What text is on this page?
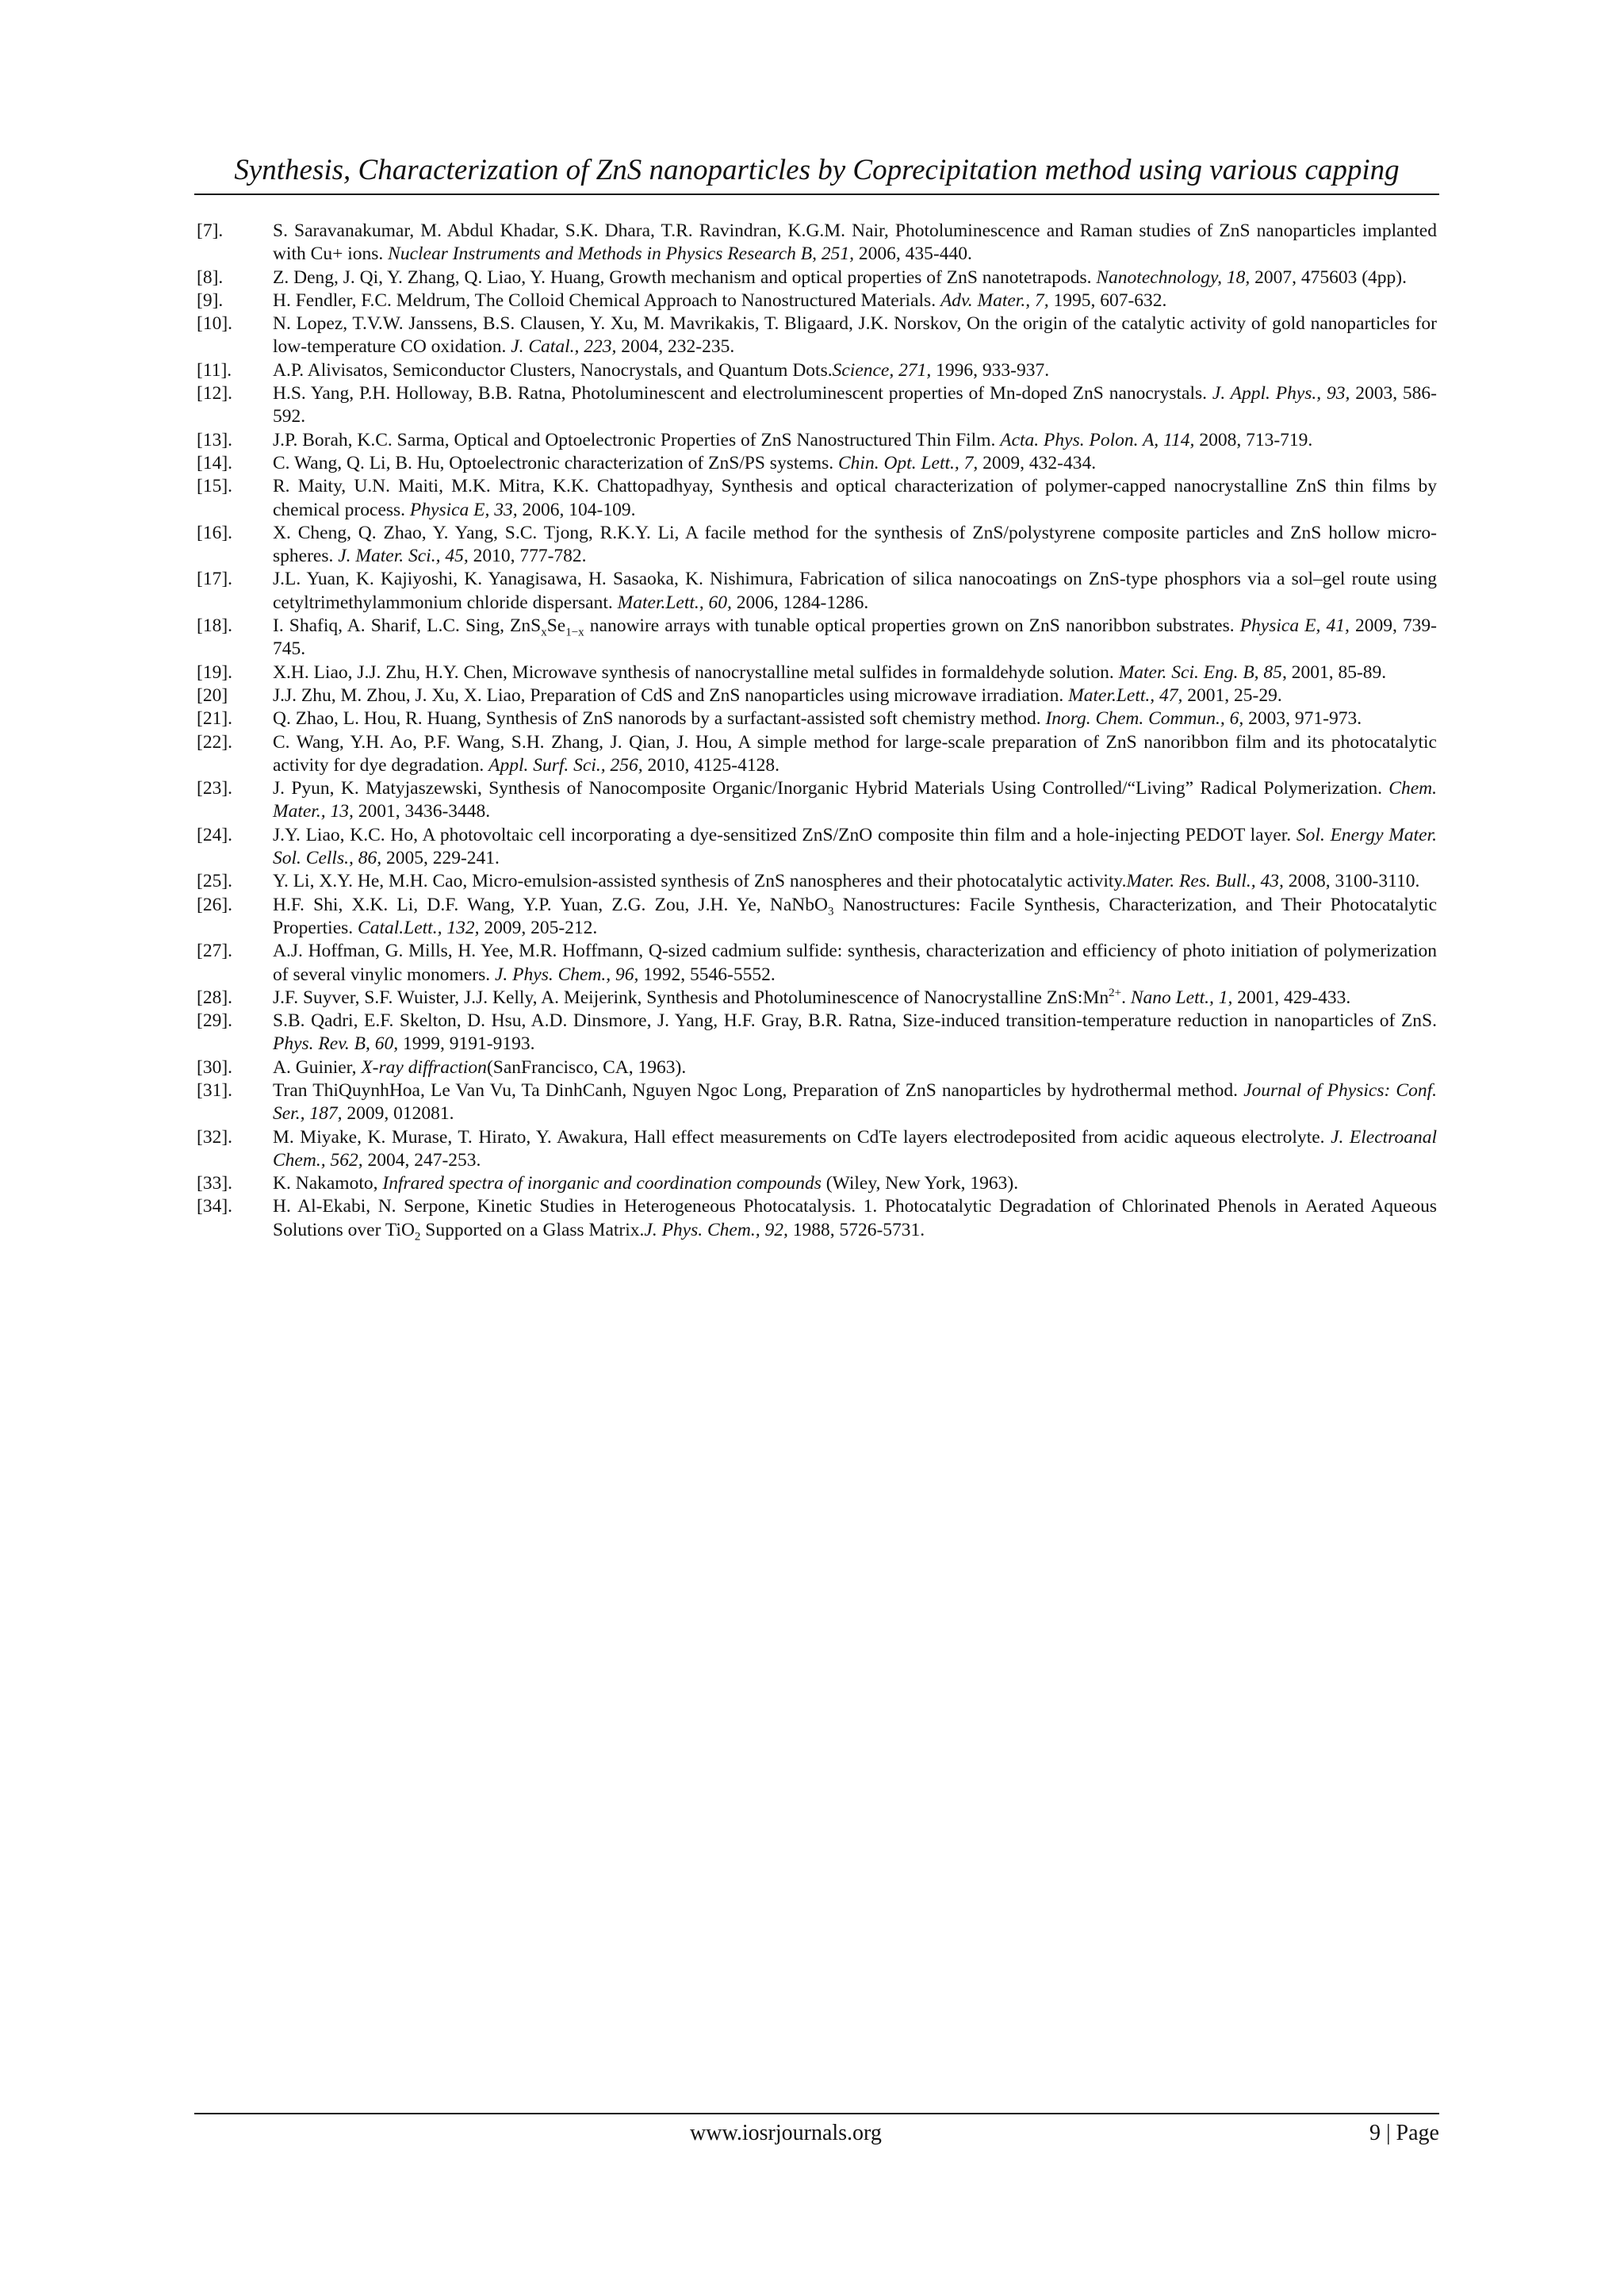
Synthesis, Characterization of ZnS nanoparticles by Coprecipitation method using various capping
[7].	S. Saravanakumar, M. Abdul Khadar, S.K. Dhara, T.R. Ravindran, K.G.M. Nair, Photoluminescence and Raman studies of ZnS nanoparticles implanted with Cu+ ions. Nuclear Instruments and Methods in Physics Research B, 251, 2006, 435-440.
[8].	Z. Deng, J. Qi, Y. Zhang, Q. Liao, Y. Huang, Growth mechanism and optical properties of ZnS nanotetrapods. Nanotechnology, 18, 2007, 475603 (4pp).
[9].	H. Fendler, F.C. Meldrum, The Colloid Chemical Approach to Nanostructured Materials. Adv. Mater., 7, 1995, 607-632.
[10]. N. Lopez, T.V.W. Janssens, B.S. Clausen, Y. Xu, M. Mavrikakis, T. Bligaard, J.K. Norskov, On the origin of the catalytic activity of gold nanoparticles for low-temperature CO oxidation. J. Catal., 223, 2004, 232-235.
[11]. A.P. Alivisatos, Semiconductor Clusters, Nanocrystals, and Quantum Dots.Science, 271, 1996, 933-937.
[12]. H.S. Yang, P.H. Holloway, B.B. Ratna, Photoluminescent and electroluminescent properties of Mn-doped ZnS nanocrystals. J. Appl. Phys., 93, 2003, 586-592.
[13]. J.P. Borah, K.C. Sarma, Optical and Optoelectronic Properties of ZnS Nanostructured Thin Film. Acta. Phys. Polon. A, 114, 2008, 713-719.
[14]. C. Wang, Q. Li, B. Hu, Optoelectronic characterization of ZnS/PS systems. Chin. Opt. Lett., 7, 2009, 432-434.
[15]. R. Maity, U.N. Maiti, M.K. Mitra, K.K. Chattopadhyay, Synthesis and optical characterization of polymer-capped nanocrystalline ZnS thin films by chemical process. Physica E, 33, 2006, 104-109.
[16]. X. Cheng, Q. Zhao, Y. Yang, S.C. Tjong, R.K.Y. Li, A facile method for the synthesis of ZnS/polystyrene composite particles and ZnS hollow micro-spheres. J. Mater. Sci., 45, 2010, 777-782.
[17]. J.L. Yuan, K. Kajiyoshi, K. Yanagisawa, H. Sasaoka, K. Nishimura, Fabrication of silica nanocoatings on ZnS-type phosphors via a sol–gel route using cetyltrimethylammonium chloride dispersant. Mater.Lett., 60, 2006, 1284-1286.
[18]. I. Shafiq, A. Sharif, L.C. Sing, $ZnS_xSe_{1-x}$ nanowire arrays with tunable optical properties grown on ZnS nanoribbon substrates. Physica E, 41, 2009, 739-745.
[19]. X.H. Liao, J.J. Zhu, H.Y. Chen, Microwave synthesis of nanocrystalline metal sulfides in formaldehyde solution. Mater. Sci. Eng. B, 85, 2001, 85-89.
[20] J.J. Zhu, M. Zhou, J. Xu, X. Liao, Preparation of CdS and ZnS nanoparticles using microwave irradiation. Mater.Lett., 47, 2001, 25-29.
[21]. Q. Zhao, L. Hou, R. Huang, Synthesis of ZnS nanorods by a surfactant-assisted soft chemistry method. Inorg. Chem. Commun., 6, 2003, 971-973.
[22]. C. Wang, Y.H. Ao, P.F. Wang, S.H. Zhang, J. Qian, J. Hou, A simple method for large-scale preparation of ZnS nanoribbon film and its photocatalytic activity for dye degradation. Appl. Surf. Sci., 256, 2010, 4125-4128.
[23]. J. Pyun, K. Matyjaszewski, Synthesis of Nanocomposite Organic/Inorganic Hybrid Materials Using Controlled/“Living” Radical Polymerization. Chem. Mater., 13, 2001, 3436-3448.
[24]. J.Y. Liao, K.C. Ho, A photovoltaic cell incorporating a dye-sensitized ZnS/ZnO composite thin film and a hole-injecting PEDOT layer. Sol. Energy Mater. Sol. Cells., 86, 2005, 229-241.
[25]. Y. Li, X.Y. He, M.H. Cao, Micro-emulsion-assisted synthesis of ZnS nanospheres and their photocatalytic activity.Mater. Res. Bull., 43, 2008, 3100-3110.
[26]. H.F. Shi, X.K. Li, D.F. Wang, Y.P. Yuan, Z.G. Zou, J.H. Ye, NaNbO$_3$ Nanostructures: Facile Synthesis, Characterization, and Their Photocatalytic Properties. Catal.Lett., 132, 2009, 205-212.
[27]. A.J. Hoffman, G. Mills, H. Yee, M.R. Hoffmann, Q-sized cadmium sulfide: synthesis, characterization and efficiency of photo initiation of polymerization of several vinylic monomers. J. Phys. Chem., 96, 1992, 5546-5552.
[28]. J.F. Suyver, S.F. Wuister, J.J. Kelly, A. Meijerink, Synthesis and Photoluminescence of Nanocrystalline $ZnS:Mn^{2+}$. Nano Lett., 1, 2001, 429-433.
[29]. S.B. Qadri, E.F. Skelton, D. Hsu, A.D. Dinsmore, J. Yang, H.F. Gray, B.R. Ratna, Size-induced transition-temperature reduction in nanoparticles of ZnS. Phys. Rev. B, 60, 1999, 9191-9193.
[30]. A. Guinier, X-ray diffraction(SanFrancisco, CA, 1963).
[31]. Tran ThiQuynhHoa, Le Van Vu, Ta DinhCanh, Nguyen Ngoc Long, Preparation of ZnS nanoparticles by hydrothermal method. Journal of Physics: Conf. Ser., 187, 2009, 012081.
[32]. M. Miyake, K. Murase, T. Hirato, Y. Awakura, Hall effect measurements on CdTe layers electrodeposited from acidic aqueous electrolyte. J. Electroanal Chem., 562, 2004, 247-253.
[33]. K. Nakamoto, Infrared spectra of inorganic and coordination compounds (Wiley, New York, 1963).
[34]. H. Al-Ekabi, N. Serpone, Kinetic Studies in Heterogeneous Photocatalysis. 1. Photocatalytic Degradation of Chlorinated Phenols in Aerated Aqueous Solutions over TiO$_2$ Supported on a Glass Matrix.J. Phys. Chem., 92, 1988, 5726-5731.
www.iosrjournals.org	9 | Page
